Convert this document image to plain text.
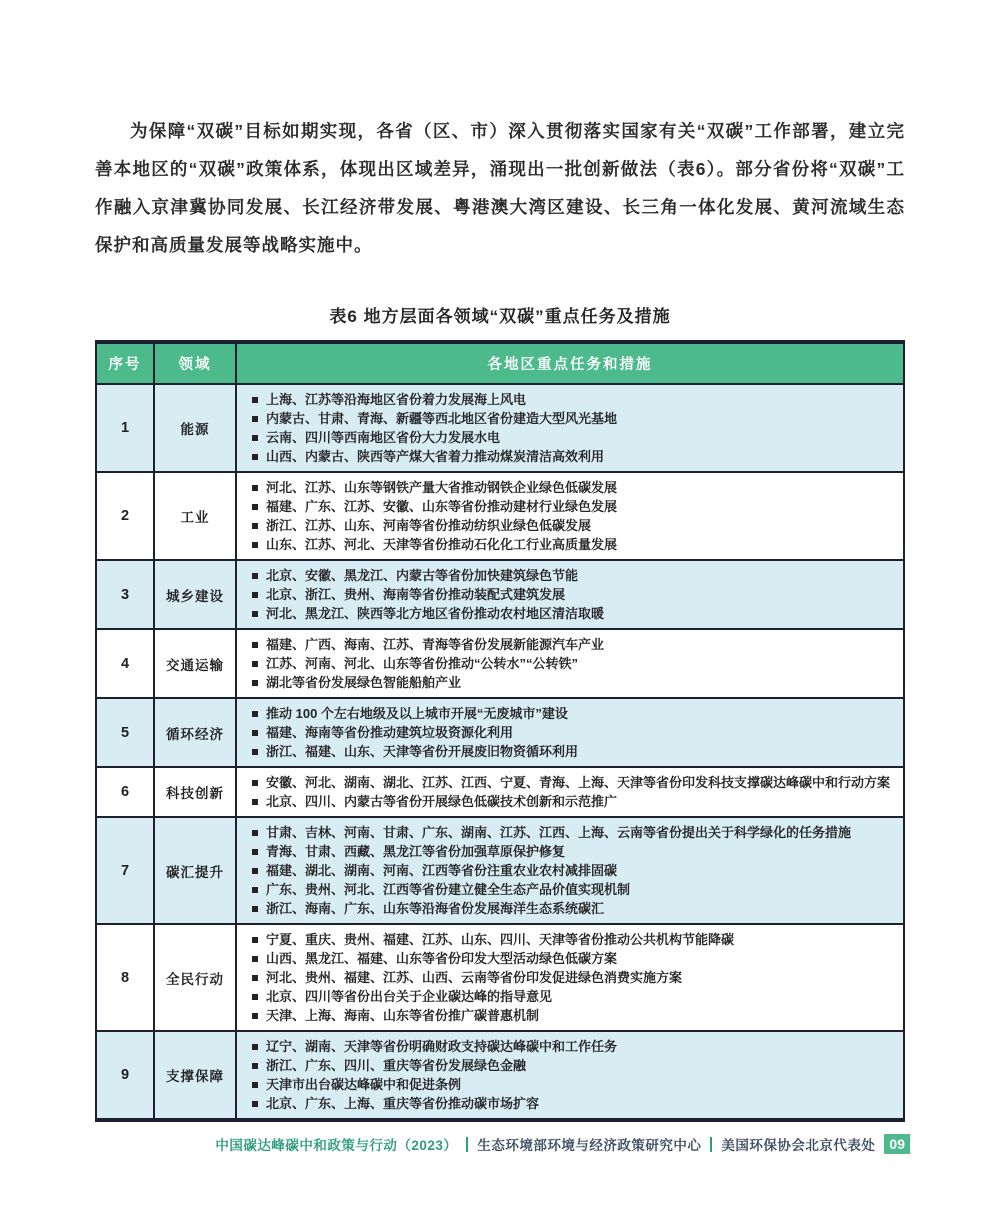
为保障“双碳”目标如期实现，各省（区、市）深入贯彻落实国家有关“双碳”工作部署，建立完善本地区的“双碳”政策体系，体现出区域差异，涌现出一批创新做法（表6）。部分省份将“双碳”工作融入京津冀协同发展、长江经济带发展、粤港澳大湾区建设、长三角一体化发展、黄河流域生态保护和高质量发展等战略实施中。

表6 地方层面各领域“双碳”重点任务及措施
序号	领域	各地区重点任务和措施
1	能源	
上海、江苏等沿海地区省份着力发展海上风电
内蒙古、甘肃、青海、新疆等西北地区省份建造大型风光基地
云南、四川等西南地区省份大力发展水电
山西、内蒙古、陕西等产煤大省着力推动煤炭清洁高效利用

2	工业	
河北、江苏、山东等钢铁产量大省推动钢铁企业绿色低碳发展
福建、广东、江苏、安徽、山东等省份推动建材行业绿色发展
浙江、江苏、山东、河南等省份推动纺织业绿色低碳发展
山东、江苏、河北、天津等省份推动石化化工行业高质量发展

3	城乡建设	
北京、安徽、黑龙江、内蒙古等省份加快建筑绿色节能
北京、浙江、贵州、海南等省份推动装配式建筑发展
河北、黑龙江、陕西等北方地区省份推动农村地区清洁取暖

4	交通运输	
福建、广西、海南、江苏、青海等省份发展新能源汽车产业
江苏、河南、河北、山东等省份推动“公转水”“公转铁”
湖北等省份发展绿色智能船舶产业

5	循环经济	
推动 100 个左右地级及以上城市开展“无废城市”建设
福建、海南等省份推动建筑垃圾资源化利用
浙江、福建、山东、天津等省份开展废旧物资循环利用

6	科技创新	
安徽、河北、湖南、湖北、江苏、江西、宁夏、青海、上海、天津等省份印发科技支撑碳达峰碳中和行动方案
北京、四川、内蒙古等省份开展绿色低碳技术创新和示范推广

7	碳汇提升	
甘肃、吉林、河南、甘肃、广东、湖南、江苏、江西、上海、云南等省份提出关于科学绿化的任务措施
青海、甘肃、西藏、黑龙江等省份加强草原保护修复
福建、湖北、湖南、河南、江西等省份注重农业农村减排固碳
广东、贵州、河北、江西等省份建立健全生态产品价值实现机制
浙江、海南、广东、山东等沿海省份发展海洋生态系统碳汇

8	全民行动	
宁夏、重庆、贵州、福建、江苏、山东、四川、天津等省份推动公共机构节能降碳
山西、黑龙江、福建、山东等省份印发大型活动绿色低碳方案
河北、贵州、福建、江苏、山西、云南等省份印发促进绿色消费实施方案
北京、四川等省份出台关于企业碳达峰的指导意见
天津、上海、海南、山东等省份推广碳普惠机制

9	支撑保障	
辽宁、湖南、天津等省份明确财政支持碳达峰碳中和工作任务
浙江、广东、四川、重庆等省份发展绿色金融
天津市出台碳达峰碳中和促进条例
北京、广东、上海、重庆等省份推动碳市场扩容
中国碳达峰碳中和政策与行动（2023） 生态环境部环境与经济政策研究中心 美国环保协会北京代表处	09
